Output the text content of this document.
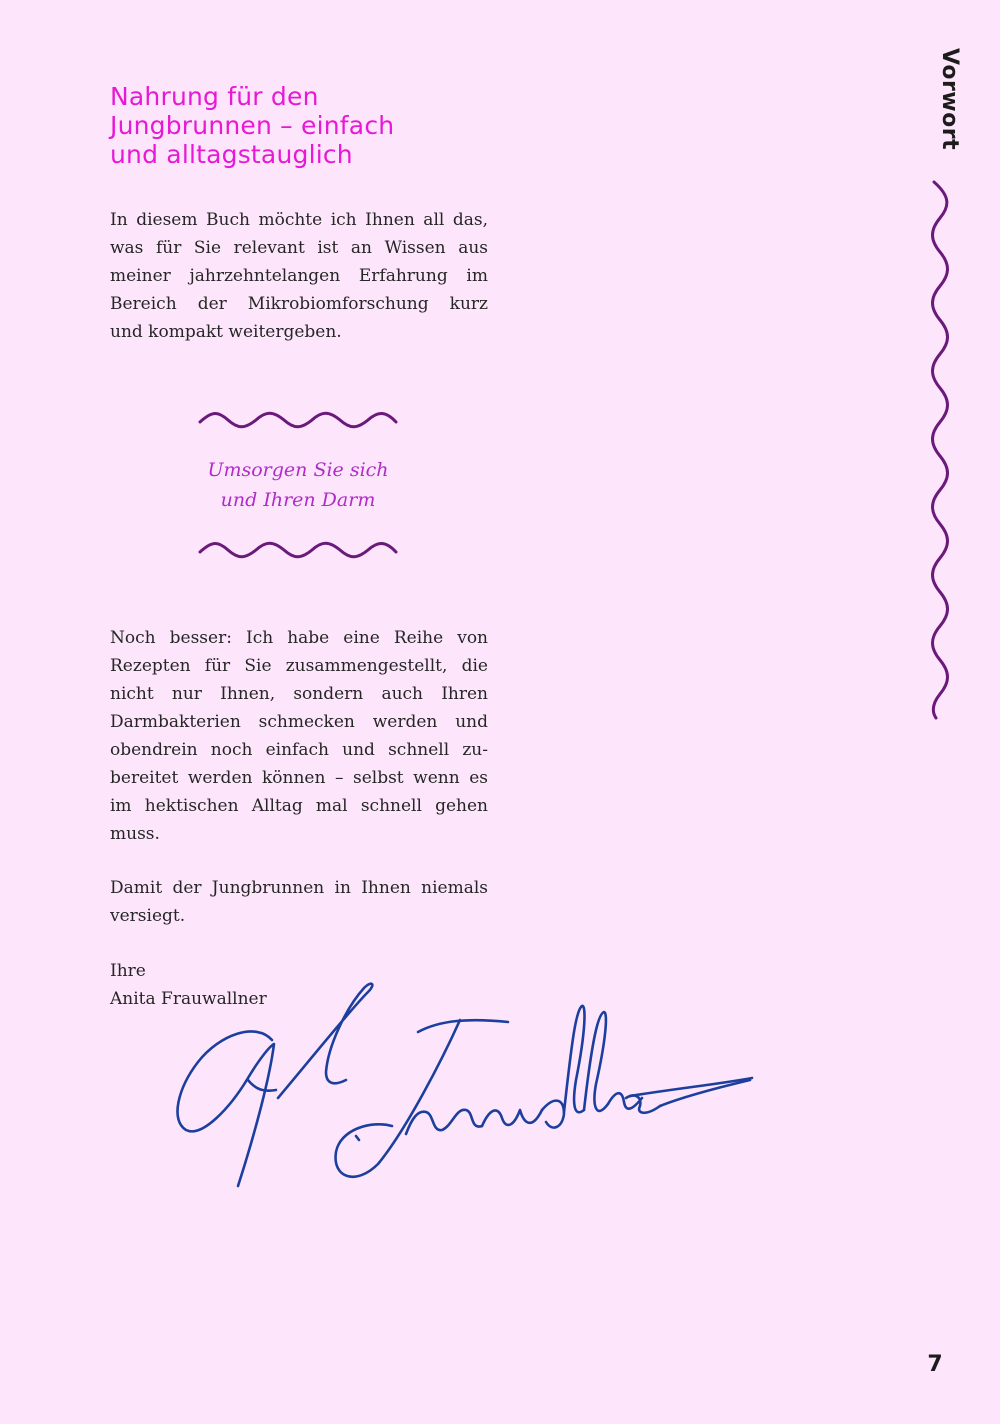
Nahrung für den
Jungbrunnen – einfach
und alltagstauglich

In diesem Buch möchte ich Ihnen all das,
was für Sie relevant ist an Wissen aus
meiner jahrzehntelangen Erfahrung im
Bereich der Mikrobiomforschung kurz
und kompakt weitergeben.

Umsorgen Sie sich
und Ihren Darm

Noch besser: Ich habe eine Reihe von
Rezepten für Sie zusammengestellt, die
nicht nur Ihnen, sondern auch Ihren
Darmbakterien schmecken werden und
obendrein noch einfach und schnell zu-
bereitet werden können – selbst wenn es
im hektischen Alltag mal schnell gehen
muss.

Damit der Jungbrunnen in Ihnen niemals
versiegt.

Ihre
Anita Frauwallner

Vorwort
7
